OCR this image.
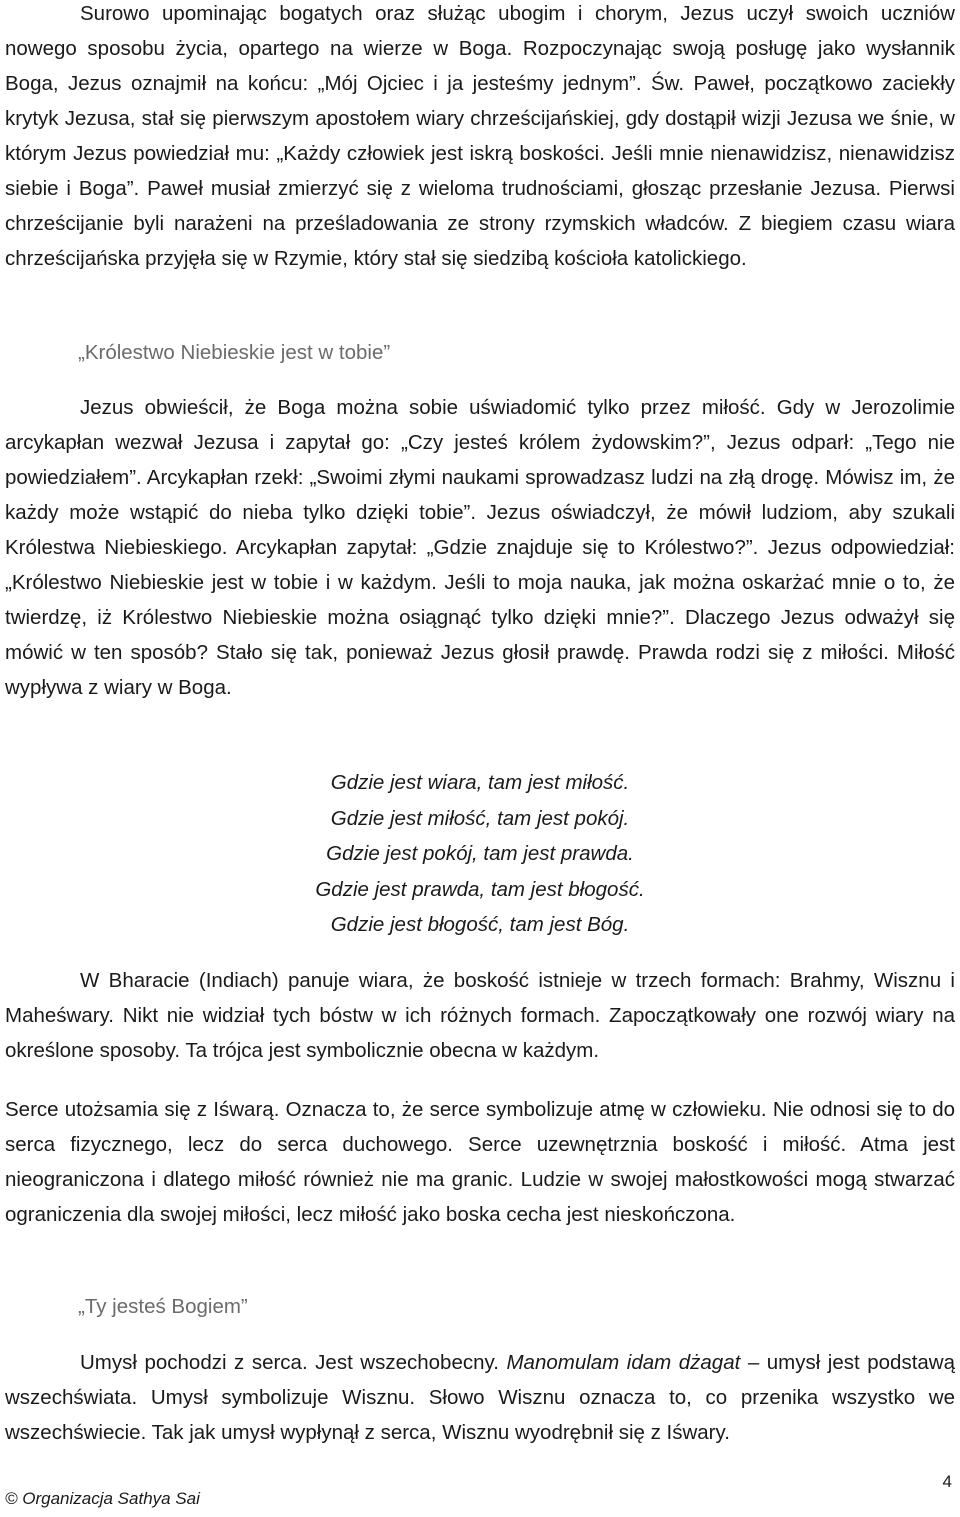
Surowo upominając bogatych oraz służąc ubogim i chorym, Jezus uczył swoich uczniów nowego sposobu życia, opartego na wierze w Boga. Rozpoczynając swoją posługę jako wysłannik Boga, Jezus oznajmił na końcu: „Mój Ojciec i ja jesteśmy jednym”. Św. Paweł, początkowo zaciekły krytyk Jezusa, stał się pierwszym apostołem wiary chrześcijańskiej, gdy dostąpił wizji Jezusa we śnie, w którym Jezus powiedział mu: „Każdy człowiek jest iskrą boskości. Jeśli mnie nienawidzisz, nienawidzisz siebie i Boga”. Paweł musiał zmierzyć się z wieloma trudnościami, głosząc przesłanie Jezusa. Pierwsi chrześcijanie byli narażeni na prześladowania ze strony rzymskich władców. Z biegiem czasu wiara chrześcijańska przyjęła się w Rzymie, który stał się siedzibą kościoła katolickiego.

„Królestwo Niebieskie jest w tobie”

Jezus obwieścił, że Boga można sobie uświadomić tylko przez miłość. Gdy w Jerozolimie arcykapłan wezwał Jezusa i zapytał go: „Czy jesteś królem żydowskim?”, Jezus odparł: „Tego nie powiedziałem”. Arcykapłan rzekł: „Swoimi złymi naukami sprowadzasz ludzi na złą drogę. Mówisz im, że każdy może wstąpić do nieba tylko dzięki tobie”. Jezus oświadczył, że mówił ludziom, aby szukali Królestwa Niebieskiego. Arcykapłan zapytał: „Gdzie znajduje się to Królestwo?”. Jezus odpowiedział: „Królestwo Niebieskie jest w tobie i w każdym. Jeśli to moja nauka, jak można oskarżać mnie o to, że twierdzę, iż Królestwo Niebieskie można osiągnąć tylko dzięki mnie?”. Dlaczego Jezus odważył się mówić w ten sposób? Stało się tak, ponieważ Jezus głosił prawdę. Prawda rodzi się z miłości. Miłość wypływa z wiary w Boga.

Gdzie jest wiara, tam jest miłość.
Gdzie jest miłość, tam jest pokój.
Gdzie jest pokój, tam jest prawda.
Gdzie jest prawda, tam jest błogość.
Gdzie jest błogość, tam jest Bóg.

W Bharacie (Indiach) panuje wiara, że boskość istnieje w trzech formach: Brahmy, Wisznu i Maheśwary. Nikt nie widział tych bóstw w ich różnych formach. Zapoczątkowały one rozwój wiary na określone sposoby. Ta trójca jest symbolicznie obecna w każdym.

Serce utożsamia się z Iśwarą. Oznacza to, że serce symbolizuje atmę w człowieku. Nie odnosi się to do serca fizycznego, lecz do serca duchowego. Serce uzewnętrznia boskość i miłość. Atma jest nieograniczona i dlatego miłość również nie ma granic. Ludzie w swojej małostkowości mogą stwarzać ograniczenia dla swojej miłości, lecz miłość jako boska cecha jest nieskończona.

„Ty jesteś Bogiem”

Umysł pochodzi z serca. Jest wszechobecny. Manomulam idam dżagat – umysł jest podstawą wszechświata. Umysł symbolizuje Wisznu. Słowo Wisznu oznacza to, co przenika wszystko we wszechświecie. Tak jak umysł wypłynął z serca, Wisznu wyodrębnił się z Iśwary.

© Organizacja Sathya Sai
4
